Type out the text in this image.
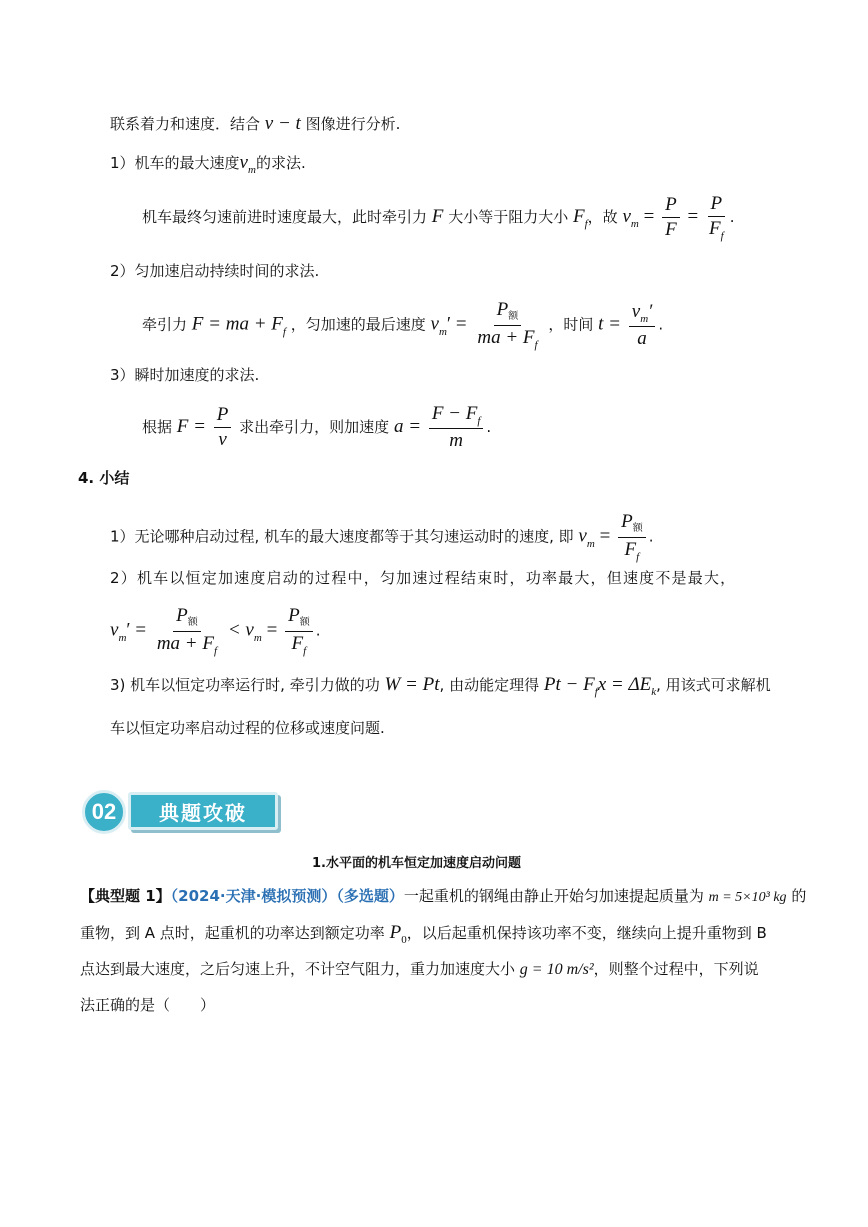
联系着力和速度．结合 v − t 图像进行分析.
1）机车的最大速度$v_m$的求法.
机车最终匀速前进时速度最大，此时牵引力 F 大小等于阻力大小 $F_f$，故 $v_m = \frac{P}{F} = \frac{P}{F_f}$ .
2）匀加速启动持续时间的求法.
牵引力 F = ma + $F_f$ ，匀加速的最后速度 $v_m' = \frac{P_额}{ma + F_f}$ ，时间 $t = \frac{v_m'}{a}$ .
3）瞬时加速度的求法.
根据 $F = \frac{P}{v}$ 求出牵引力，则加速度 $a = \frac{F - F_f}{m}$ .
4. 小结
1）无论哪种启动过程, 机车的最大速度都等于其匀速运动时的速度, 即 $v_m = \frac{P_额}{F_f}$ .
2）机车以恒定加速度启动的过程中，匀加速过程结束时，功率最大，但速度不是最大，
$v_m' = \frac{P_额}{ma + F_f} < v_m = \frac{P_额}{F_f}$ .
3) 机车以恒定功率运行时, 牵引力做的功 W = Pt, 由动能定理得 $Pt - F_fx = \Delta E_k$, 用该式可求解机
车以恒定功率启动过程的位移或速度问题.
02	典题攻破
1.水平面的机车恒定加速度启动问题
【典型题 1】（2024·天津·模拟预测）（多选题）一起重机的钢绳由静止开始匀加速提起质量为 m = 5×10³ kg 的
重物，到 A 点时，起重机的功率达到额定功率 $P_0$，以后起重机保持该功率不变，继续向上提升重物到 B
点达到最大速度，之后匀速上升，不计空气阻力，重力加速度大小 g = 10 m/s²，则整个过程中，下列说
法正确的是（　　）
